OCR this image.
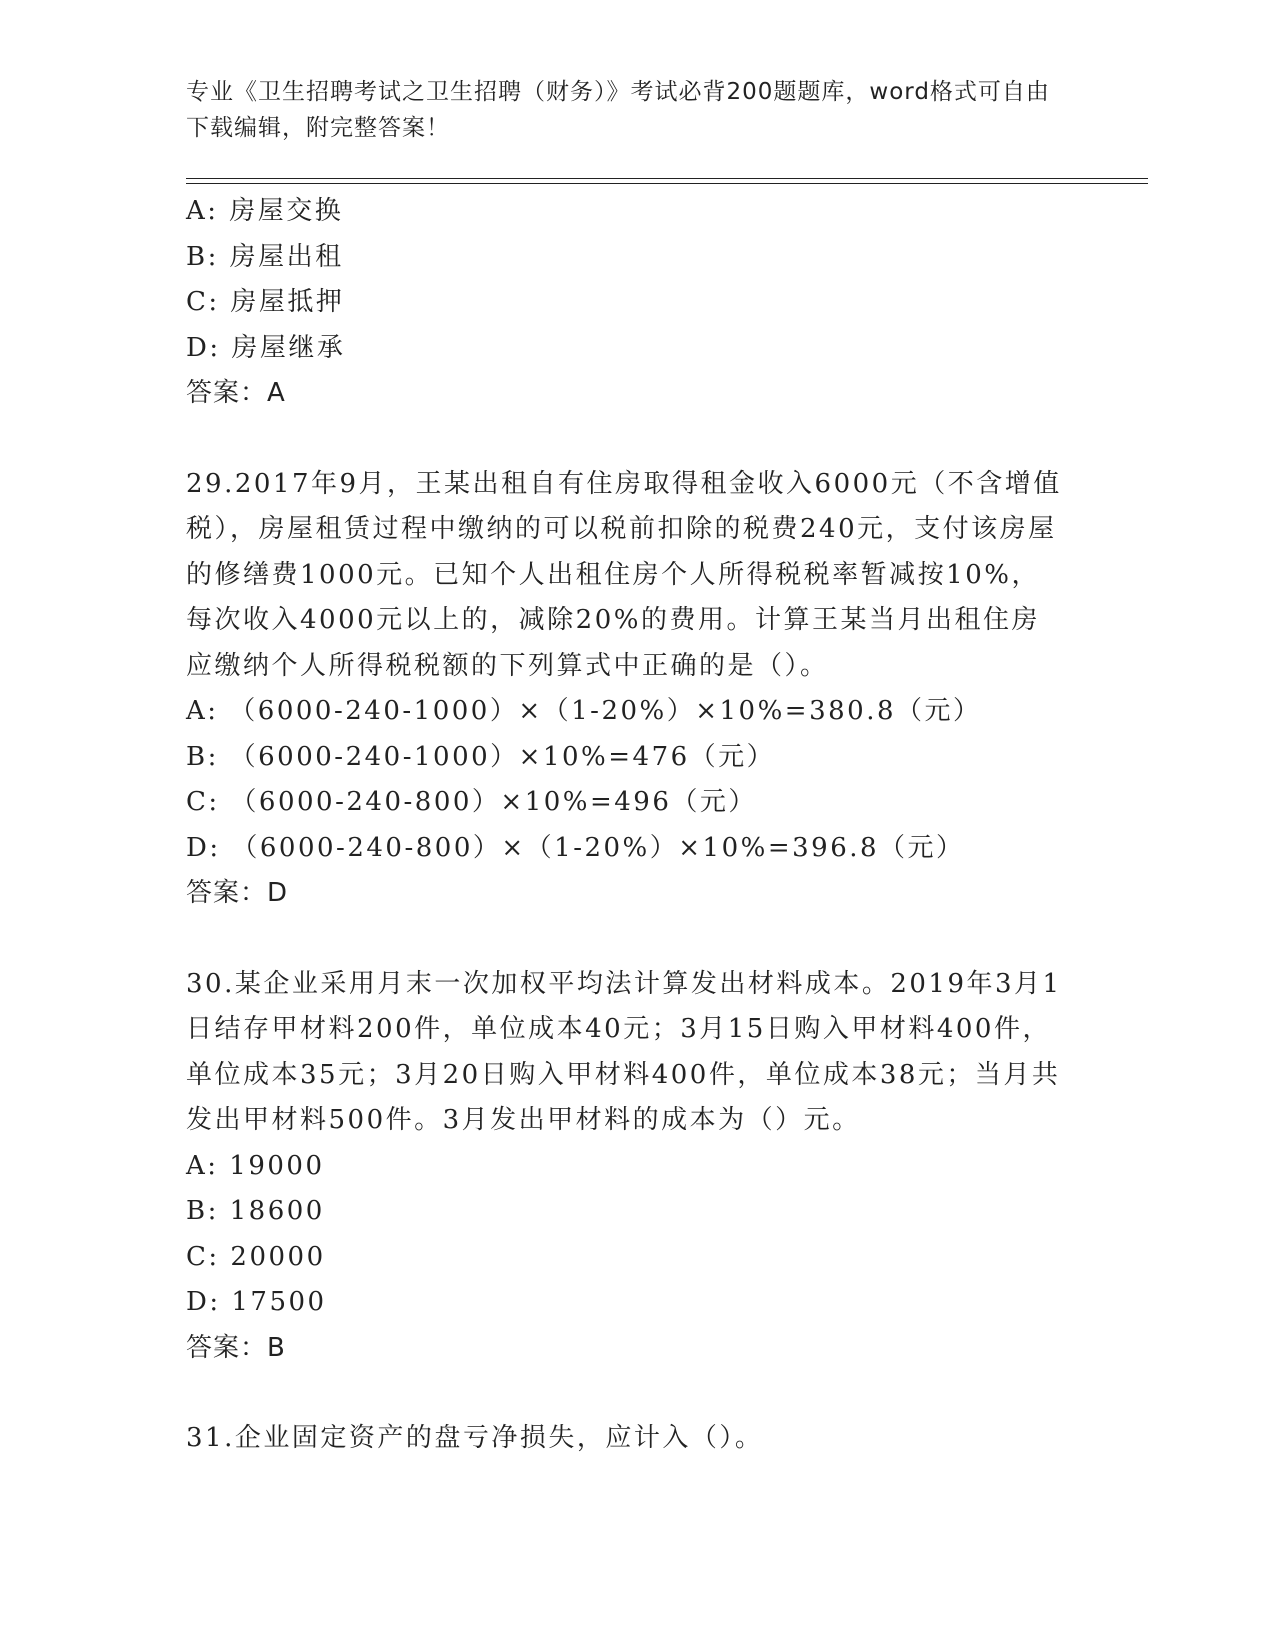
专业《卫生招聘考试之卫生招聘（财务）》考试必背200题题库，word格式可自由下载编辑，附完整答案！
A: 房屋交换
B: 房屋出租
C: 房屋抵押
D: 房屋继承
答案：A
29.2017年9月，王某出租自有住房取得租金收入6000元（不含增值税），房屋租赁过程中缴纳的可以税前扣除的税费240元，支付该房屋的修缮费1000元。已知个人出租住房个人所得税税率暂减按10%，每次收入4000元以上的，减除20%的费用。计算王某当月出租住房应缴纳个人所得税税额的下列算式中正确的是（）。
A: （6000-240-1000）×（1-20%）×10%=380.8（元）
B: （6000-240-1000）×10%=476（元）
C: （6000-240-800）×10%=496（元）
D: （6000-240-800）×（1-20%）×10%=396.8（元）
答案：D
30.某企业采用月末一次加权平均法计算发出材料成本。2019年3月1日结存甲材料200件，单位成本40元；3月15日购入甲材料400件，单位成本35元；3月20日购入甲材料400件，单位成本38元；当月共发出甲材料500件。3月发出甲材料的成本为（）元。
A: 19000
B: 18600
C: 20000
D: 17500
答案：B
31.企业固定资产的盘亏净损失，应计入（）。
